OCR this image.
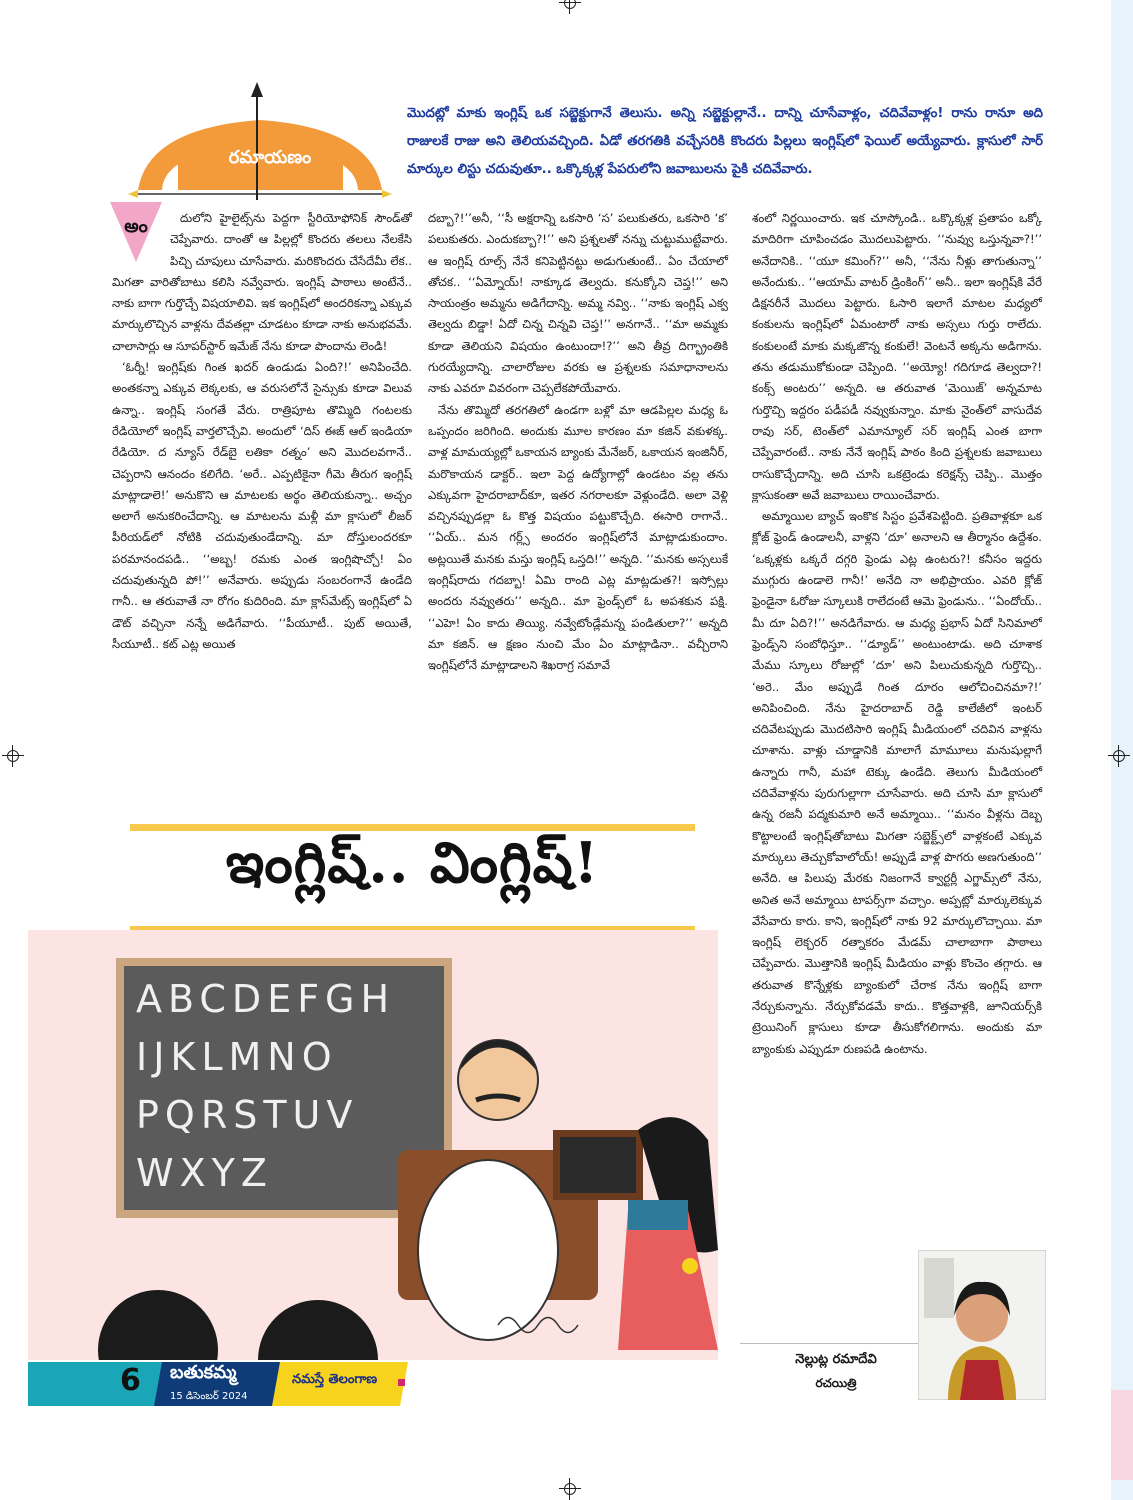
రమాయణం
మొదట్లో మాకు ఇంగ్లిష్‌ ఒక సబ్జెక్టుగానే తెలుసు. అన్ని సబ్జెక్టుల్లానే.. దాన్ని చూసేవాళ్లం, చదివేవాళ్లం! రాను రానూ అది రాజులకే రాజు అని తెలియవచ్చింది. ఏడో తరగతికి వచ్చేసరికి కొందరు పిల్లలు ఇంగ్లిష్‌లో ఫెయిల్‌ అయ్యేవారు. క్లాసులో సార్‌ మార్కుల లిస్టు చదువుతూ.. ఒక్కొక్కళ్ల పేపరులోని జవాబులను పైకి చదివేవారు.
అం	దులోని హైలైట్స్‌ను పెద్దగా స్టీరియోఫోనిక్‌ సౌండ్‌తో చెప్పేవారు. దాంతో ఆ పిల్లల్లో కొందరు తలలు నేలకేసి పిచ్చి చూపులు చూసేవారు. మరికొందరు చేసేదేమీ లేక.. మిగతా వారితోబాటు కలిసి నవ్వేవారు. ఇంగ్లిష్‌ పాఠాలు అంటేనే.. నాకు బాగా గుర్తొచ్చే విషయాలివి. ఇక ఇంగ్లిష్‌లో అందరికన్నా ఎక్కువ మార్కులొచ్చిన వాళ్లను దేవతల్లా చూడటం కూడా నాకు అనుభవమే. చాలాసార్లు ఆ సూపర్‌స్టార్‌ ఇమేజ్‌ నేను కూడా పొందాను లెండి!

‘ఓర్నీ! ఇంగ్లిష్‌కు గింత ఖదర్‌ ఉండుడు ఏంది?!’ అనిపించేది. అంతకన్నా ఎక్కువ లెక్కలకు, ఆ వరుసలోనే సైన్సుకు కూడా విలువ ఉన్నా.. ఇంగ్లిష్‌ సంగతే వేరు. రాత్రిపూట తొమ్మిది గంటలకు రేడియోలో ఇంగ్లిష్‌ వార్తలొచ్చేవి. అందులో ‘దిస్‌ ఈజ్‌ ఆల్‌ ఇండియా రేడియో. ద న్యూస్‌ రేడ్‌బై లతికా రత్నం’ అని మొదలవగానే.. చెప్పరాని ఆనందం కలిగేది. ‘అరే.. ఎప్పటికైనా గీమె తీరుగ ఇంగ్లిష్‌ మాట్లాడాలె!’ అనుకొని ఆ మాటలకు అర్థం తెలియకున్నా.. అచ్చం అలాగే అనుకరించేదాన్ని. ఆ మాటలను మళ్లీ మా క్లాసులో లీజర్‌ పీరియడ్‌లో నోటికి చదువుతుండేదాన్ని. మా దోస్తులందరకూ పరమానందపడి.. ‘‘అబ్బ! రమకు ఎంత ఇంగ్లిషొచ్చో! ఏం చదువుతున్నది పో!’’ అనేవారు. అప్పుడు సంబరంగానే ఉండేది గానీ.. ఆ తరువాతే నా రోగం కుదిరింది. మా క్లాస్‌మేట్స్‌ ఇంగ్లిష్‌లో ఏ డౌట్‌ వచ్చినా నన్నే అడిగేవారు. ‘‘పీయూటీ.. పుట్‌ అయితే, సీయూటీ.. కట్‌ ఎట్ల అయిత

దబ్బా?!’’అనీ, ‘‘సీ అక్షరాన్ని ఒకసారి ‘స’ పలుకుతరు, ఒకసారి ‘క’ పలుకుతరు. ఎందుకబ్బా?!’’ అని ప్రశ్నలతో నన్ను చుట్టుముట్టేవారు. ఆ ఇంగ్లిష్‌ రూల్స్‌ నేనే కనిపెట్టినట్టు అడుగుతుంటే.. ఏం చేయాలో తోచక.. ‘‘ఏమ్నోయ్‌! నాక్కూడ తెల్వదు. కనుక్కోని చెప్త!’’ అని సాయంత్రం అమ్మను అడిగేదాన్ని. అమ్మ నవ్వి.. ‘‘నాకు ఇంగ్లిష్‌ ఎక్వ తెల్వదు బిడ్డా! ఏదో చిన్న చిన్నవి చెప్త!’’ అనగానే.. ‘‘మా అమ్మకు కూడా తెలియని విషయం ఉంటుందా!?’’ అని తీవ్ర దిగ్భ్రాంతికి గురయ్యేదాన్ని. చాలారోజుల వరకు ఆ ప్రశ్నలకు సమాధానాలను నాకు ఎవరూ వివరంగా చెప్పలేకపోయేవారు.

నేను తొమ్మిదో తరగతిలో ఉండగా బళ్లో మా ఆడపిల్లల మధ్య ఓ ఒప్పందం జరిగింది. అందుకు మూల కారణం మా కజిన్‌ వకుళక్క. వాళ్ల మామయ్యల్లో ఒకాయన బ్యాంకు మేనేజర్‌, ఒకాయన ఇంజినీర్‌, మరొకాయన డాక్టర్‌.. ఇలా పెద్ద ఉద్యోగాల్లో ఉండటం వల్ల తను ఎక్కువగా హైదరాబాద్‌కూ, ఇతర నగరాలకూ వెళ్లుండేది. అలా వెళ్లి వచ్చినప్పుడల్లా ఓ కొత్త విషయం పట్టుకొచ్చేది. ఈసారి రాగానే.. ‘‘ఏయ్‌.. మన గర్ల్స్‌ అందరం ఇంగ్లిష్‌లోనే మాట్లాడుకుందాం. అట్లయితే మనకు మస్తు ఇంగ్లిష్‌ ఒస్తది!’’ అన్నది. ‘‘మనకు అస్సలుకే ఇంగ్లిష్‌రాదు గదబ్బా! ఏమి రాంది ఎట్ల మాట్లడుత?! ఇస్సోల్లు అందరు నవ్వుతరు’’ అన్నది.. మా ఫ్రెండ్స్‌లో ఓ అపశకున పక్షి. ‘‘ఎహె! ఏం కాదు తియ్యి. నవ్వేటోండ్లేమన్న పండితులా?’’ అన్నది మా కజిన్‌. ఆ క్షణం నుంచి మేం ఏం మాట్లాడినా.. వచ్చీరాని ఇంగ్లిష్‌లోనే మాట్లాడాలని శిఖరాగ్ర సమావే

శంలో నిర్ణయించారు. ఇక చూస్కోండి.. ఒక్కొక్కళ్ల ప్రతాపం ఒక్కో మాదిరిగా చూపించడం మొదలుపెట్టారు. ‘‘నువ్వు ఒస్తున్నవా?!’’ అనేదానికి.. ‘‘యూ కమింగ్‌?’’ అనీ, ‘‘నేను నీళ్లు తాగుతున్నా’’ అనేందుకు.. ‘‘ఆయామ్‌ వాటర్‌ డ్రింకింగ్‌’’ అనీ.. ఇలా ఇంగ్లిష్‌కి వేరే డిక్షనరీనే మొదలు పెట్టారు. ఓసారి ఇలాగే మాటల మధ్యలో కంకులను ఇంగ్లిష్‌లో ఏమంటారో నాకు అస్సలు గుర్తు రాలేదు. కంకులంటే మాకు మక్కజొన్న కంకులే! వెంటనే అక్కను అడిగాను. తను తడుముకోకుండా చెప్పింది. ‘‘అయ్యో! గదిగూడ తెల్వదా?! కంక్స్‌ అంటరు’’ అన్నది. ఆ తరువాత ‘మెయిజ్‌’ అన్నమాట గుర్తొచ్చి ఇద్దరం పడీపడీ నవ్వుకున్నాం. మాకు నైంత్‌లో వాసుదేవ రావు సర్‌, టెంత్‌లో ఎమాన్యూల్‌ సర్‌ ఇంగ్లిష్‌ ఎంత బాగా చెప్పేవారంటే.. నాకు నేనే ఇంగ్లిష్‌ పాఠం కింది ప్రశ్నలకు జవాబులు రాసుకొచ్చేదాన్ని. అది చూసి ఒకట్రెండు కరెక్షన్స్‌ చెప్పి.. మొత్తం క్లాసుకంతా అవే జవాబులు రాయించేవారు.

అమ్మాయిల బ్యాచ్‌ ఇంకొక సిస్టం ప్రవేశపెట్టింది. ప్రతివాళ్లకూ ఒక క్లోజ్‌ ఫ్రెండ్‌ ఉండాలనీ, వాళ్లని ‘దూ’ అనాలని ఆ తీర్మానం ఉద్దేశం. ‘ఒక్కళ్లకు ఒక్కరే దగ్గరి ఫ్రెండు ఎట్ల ఉంటరు?! కనీసం ఇద్దరు ముగ్గురు ఉండాలె గానీ!’ అనేది నా అభిప్రాయం. ఎవరి క్లోజ్‌ ఫ్రెండైనా ఓరోజు స్కూలుకి రాలేదంటే ఆమె ఫ్రెండును.. ‘‘ఏందోయ్‌.. మీ దూ ఏది?!’’ అనడిగేవారు. ఆ మధ్య ప్రభాస్‌ ఏదో సినిమాలో ఫ్రెండ్స్‌ని సంబోధిస్తూ.. ‘‘డ్యూడ్‌’’ అంటుంటాడు. అది చూశాక మేము స్కూలు రోజుల్లో ‘దూ’ అని పిలుచుకున్నది గుర్తొచ్చి.. ‘అరె.. మేం అప్పుడే గింత దూరం ఆలోచించినమా?!’ అనిపించింది. నేను హైదరాబాద్‌ రెడ్డి కాలేజీలో ఇంటర్‌ చదివేటప్పుడు మొదటిసారి ఇంగ్లిష్‌ మీడియంలో చదివిన వాళ్లను చూశాను. వాళ్లు చూడ్డానికి మాలాగే మామూలు మనుషుల్లాగే ఉన్నారు గానీ, మహా టెక్కు ఉండేది. తెలుగు మీడియంలో చదివేవాళ్లను పురుగుల్లాగా చూసేవారు. అది చూసి మా క్లాసులో ఉన్న రజనీ పద్మకుమారి అనే అమ్మాయి.. ‘‘మనం వీళ్లను దెబ్బ కొట్టాలంటే ఇంగ్లిష్‌తోబాటు మిగతా సబ్జెక్ట్స్‌లో వాళ్లకంటే ఎక్కువ మార్కులు తెచ్చుకోవాలోయ్‌! అప్పుడే వాళ్ల పొగరు అణగుతుంది’’ అనేది. ఆ పిలుపు మేరకు నిజంగానే క్వార్టర్లీ ఎగ్జామ్స్‌లో నేను, అనిత అనే అమ్మాయి టాపర్స్‌గా వచ్చాం. అప్పట్లో మార్కులెక్కువ వేసేవారు కారు. కాని, ఇంగ్లిష్‌లో నాకు 92 మార్కులొచ్చాయి. మా ఇంగ్లిష్‌ లెక్చరర్‌ రత్నాకరం మేడమ్‌ చాలాబాగా పాఠాలు చెప్పేవారు. మొత్తానికి ఇంగ్లిష్‌ మీడియం వాళ్లు కొంచెం తగ్గారు. ఆ తరువాత కొన్నేళ్లకు బ్యాంకులో చేరాక నేను ఇంగ్లిష్‌ బాగా నేర్చుకున్నాను. నేర్చుకోవడమే కాదు.. కొత్తవాళ్లకి, జూనియర్స్‌కి ట్రెయినింగ్‌ క్లాసులు కూడా తీసుకోగలిగాను. అందుకు మా బ్యాంకుకు ఎప్పుడూ రుణపడి ఉంటాను.

ఇంగ్లిష్‌.. వింగ్లిష్‌!
ABCDEFGH
IJKLMNO
PQRSTUV
WXYZ
6 బతుకమ్మ
15 డిసెంబర్‌ 2024
నమస్తే తెలంగాణ
నెల్లుట్ల రమాదేవి
రచయిత్రి
